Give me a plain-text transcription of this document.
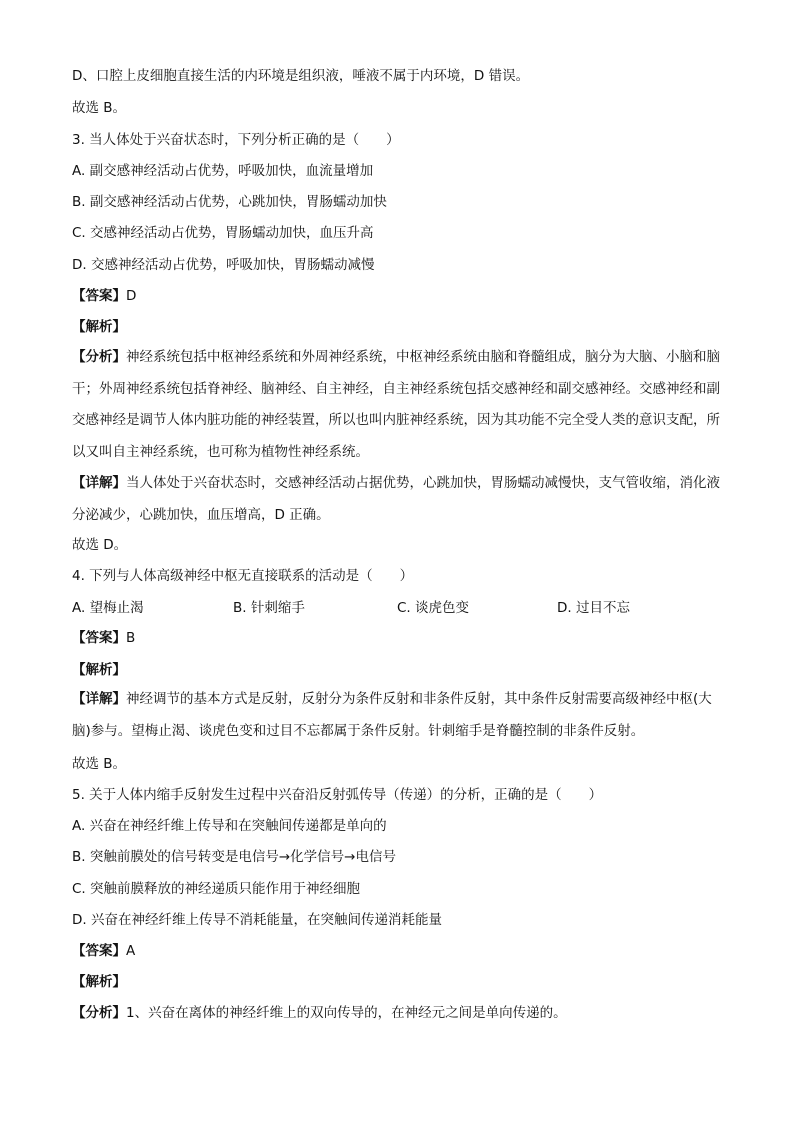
D、口腔上皮细胞直接生活的内环境是组织液，唾液不属于内环境，D 错误。
故选 B。
3. 当人体处于兴奋状态时，下列分析正确的是（　　）
A. 副交感神经活动占优势，呼吸加快，血流量增加
B. 副交感神经活动占优势，心跳加快，胃肠蠕动加快
C. 交感神经活动占优势，胃肠蠕动加快，血压升高
D. 交感神经活动占优势，呼吸加快，胃肠蠕动减慢
【答案】D
【解析】
【分析】神经系统包括中枢神经系统和外周神经系统，中枢神经系统由脑和脊髓组成，脑分为大脑、小脑和脑干；外周神经系统包括脊神经、脑神经、自主神经，自主神经系统包括交感神经和副交感神经。交感神经和副交感神经是调节人体内脏功能的神经装置，所以也叫内脏神经系统，因为其功能不完全受人类的意识支配，所以又叫自主神经系统，也可称为植物性神经系统。
【详解】当人体处于兴奋状态时，交感神经活动占据优势，心跳加快，胃肠蠕动减慢快，支气管收缩，消化液分泌减少，心跳加快，血压增高，D 正确。
故选 D。
4. 下列与人体高级神经中枢无直接联系的活动是（　　）
A. 望梅止渴	B. 针刺缩手	C. 谈虎色变	D. 过目不忘
【答案】B
【解析】
【详解】神经调节的基本方式是反射，反射分为条件反射和非条件反射，其中条件反射需要高级神经中枢(大脑)参与。望梅止渴、谈虎色变和过目不忘都属于条件反射。针刺缩手是脊髓控制的非条件反射。
故选 B。
5. 关于人体内缩手反射发生过程中兴奋沿反射弧传导（传递）的分析，正确的是（　　）
A. 兴奋在神经纤维上传导和在突触间传递都是单向的
B. 突触前膜处的信号转变是电信号→化学信号→电信号
C. 突触前膜释放的神经递质只能作用于神经细胞
D. 兴奋在神经纤维上传导不消耗能量，在突触间传递消耗能量
【答案】A
【解析】
【分析】1、兴奋在离体的神经纤维上的双向传导的，在神经元之间是单向传递的。
